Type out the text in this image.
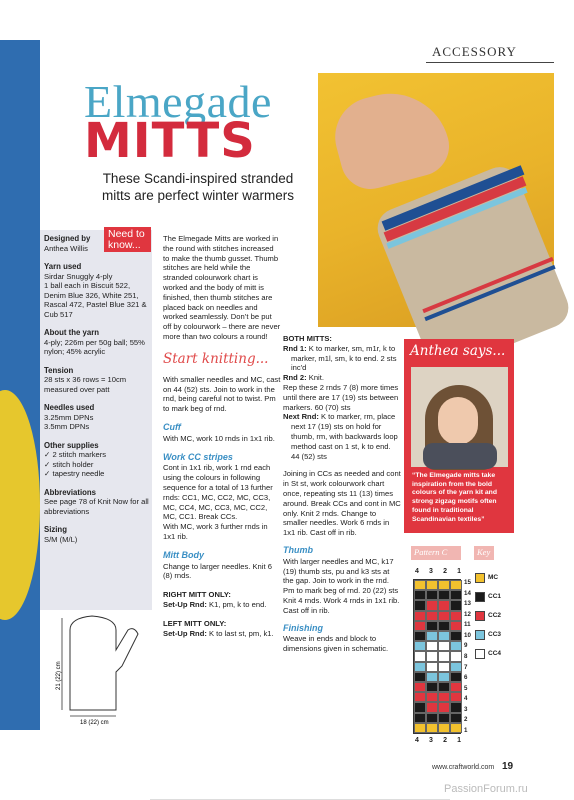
ACCESSORY
Elmegade
MITTS
These Scandi-inspired stranded mitts are perfect winter warmers
Need to know...
Designed by

Anthea Willis

Yarn used

Sirdar Snuggly 4-ply

1 ball each in Biscuit 522, Denim Blue 326, White 251, Rascal 472, Pastel Blue 321 & Cub 517

About the yarn

4-ply; 226m per 50g ball; 55% nylon; 45% acrylic

Tension

28 sts x 36 rows = 10cm measured over patt

Needles used

3.25mm DPNs

3.5mm DPNs

Other supplies

✓ 2 stitch markers

✓ stitch holder

✓ tapestry needle

Abbreviations

See page 78 of Knit Now for all abbreviations

Sizing

S/M (M/L)

21 (22) cm
18 (22) cm

The Elmegade Mitts are worked in the round with stitches increased to make the thumb gusset. Thumb stitches are held while the stranded colourwork chart is worked and the body of mitt is finished, then thumb stitches are placed back on needles and worked seamlessly. Don’t be put off by colourwork – there are never more than two colours a round!

Start knitting...

With smaller needles and MC, cast on 44 (52) sts. Join to work in the rnd, being careful not to twist. Pm to mark beg of rnd.

Cuff

With MC, work 10 rnds in 1x1 rib.

Work CC stripes

Cont in 1x1 rib, work 1 rnd each using the colours in following sequence for a total of 13 further rnds: CC1, MC, CC2, MC, CC3, MC, CC4, MC, CC3, MC, CC2, MC, CC1. Break CCs.

With MC, work 3 further rnds in 1x1 rib.

Mitt Body

Change to larger needles. Knit 6 (8) rnds.

RIGHT MITT ONLY:

Set-Up Rnd: K1, pm, k to end.

LEFT MITT ONLY:

Set-Up Rnd: K to last st, pm, k1.

BOTH MITTS:

Rnd 1: K to marker, sm, m1r, k to marker, m1l, sm, k to end. 2 sts inc'd

Rnd 2: Knit.

Rep these 2 rnds 7 (8) more times until there are 17 (19) sts between markers. 60 (70) sts

Next Rnd: K to marker, rm, place next 17 (19) sts on hold for thumb, rm, with backwards loop method cast on 1 st, k to end. 44 (52) sts

Joining in CCs as needed and cont in St st, work colourwork chart once, repeating sts 11 (13) times around. Break CCs and cont in MC only. Knit 2 rnds. Change to smaller needles. Work 6 rnds in 1x1 rib. Cast off in rib.

Thumb

With larger needles and MC, k17 (19) thumb sts, pu and k3 sts at the gap. Join to work in the rnd. Pm to mark beg of rnd. 20 (22) sts

Knit 4 rnds. Work 4 rnds in 1x1 rib. Cast off in rib.

Finishing

Weave in ends and block to dimensions given in schematic.

Anthea says...
“The Elmegade mitts take inspiration from the bold colours of the yarn kit and strong zigzag motifs often found in traditional Scandinavian textiles”
Pattern C	Key
4 3 2 1
15
14
13
12
11
10
9
8
7
6
5
4
3
2
1
4 3 2 1
MC
CC1
CC2
CC3
CC4
www.craftworld.com 19
PassionForum.ru
